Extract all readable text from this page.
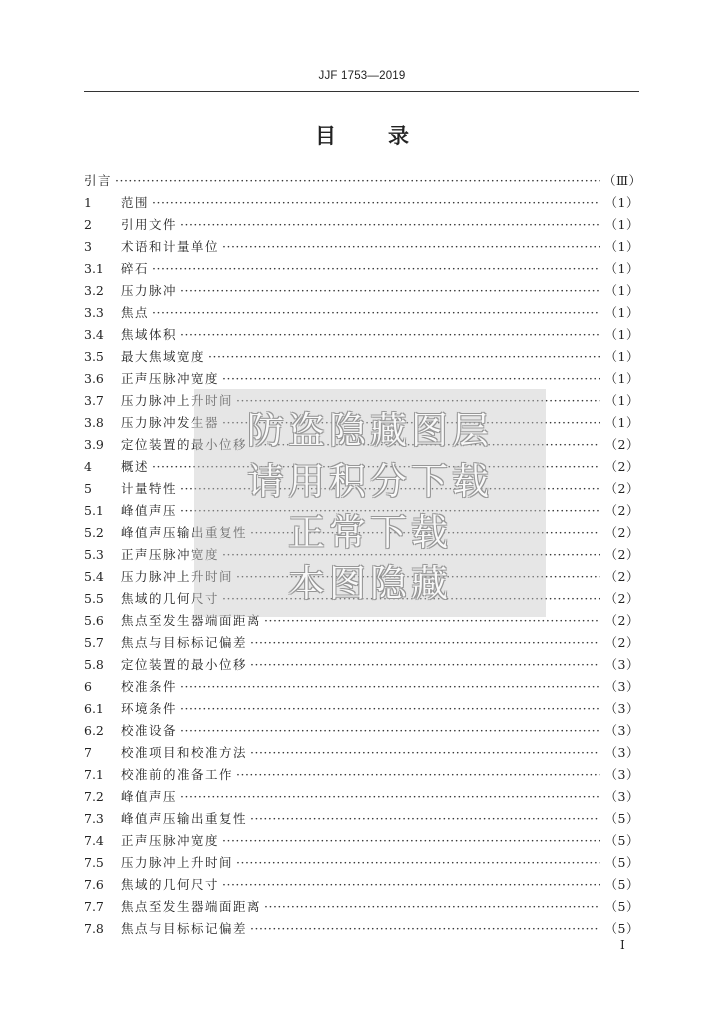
JJF 1753—2019
目 录
引言 ·····	（Ⅲ）
1	范围 ·····	（1）
2	引用文件 ·····	（1）
3	术语和计量单位 ·····	（1）
3.1	碎石 ·····	（1）
3.2	压力脉冲 ·····	（1）
3.3	焦点 ·····	（1）
3.4	焦域体积 ·····	（1）
3.5	最大焦域宽度 ·····	（1）
3.6	正声压脉冲宽度 ·····	（1）
3.7	压力脉冲上升时间 ·····	（1）
3.8	压力脉冲发生器 ·····	（1）
3.9	定位装置的最小位移 ·····	（2）
4	概述 ·····	（2）
5	计量特性 ·····	（2）
5.1	峰值声压 ·····	（2）
5.2	峰值声压输出重复性 ·····	（2）
5.3	正声压脉冲宽度 ·····	（2）
5.4	压力脉冲上升时间 ·····	（2）
5.5	焦域的几何尺寸 ·····	（2）
5.6	焦点至发生器端面距离 ·····	（2）
5.7	焦点与目标标记偏差 ·····	（2）
5.8	定位装置的最小位移 ·····	（3）
6	校准条件 ·····	（3）
6.1	环境条件 ·····	（3）
6.2	校准设备 ·····	（3）
7	校准项目和校准方法 ·····	（3）
7.1	校准前的准备工作 ·····	（3）
7.2	峰值声压 ·····	（3）
7.3	峰值声压输出重复性 ·····	（5）
7.4	正声压脉冲宽度 ·····	（5）
7.5	压力脉冲上升时间 ·····	（5）
7.6	焦域的几何尺寸 ·····	（5）
7.7	焦点至发生器端面距离 ·····	（5）
7.8	焦点与目标标记偏差 ·····	（5）
Ⅰ
防盗隐藏图层
请用积分下载
正常下载
本图隐藏
